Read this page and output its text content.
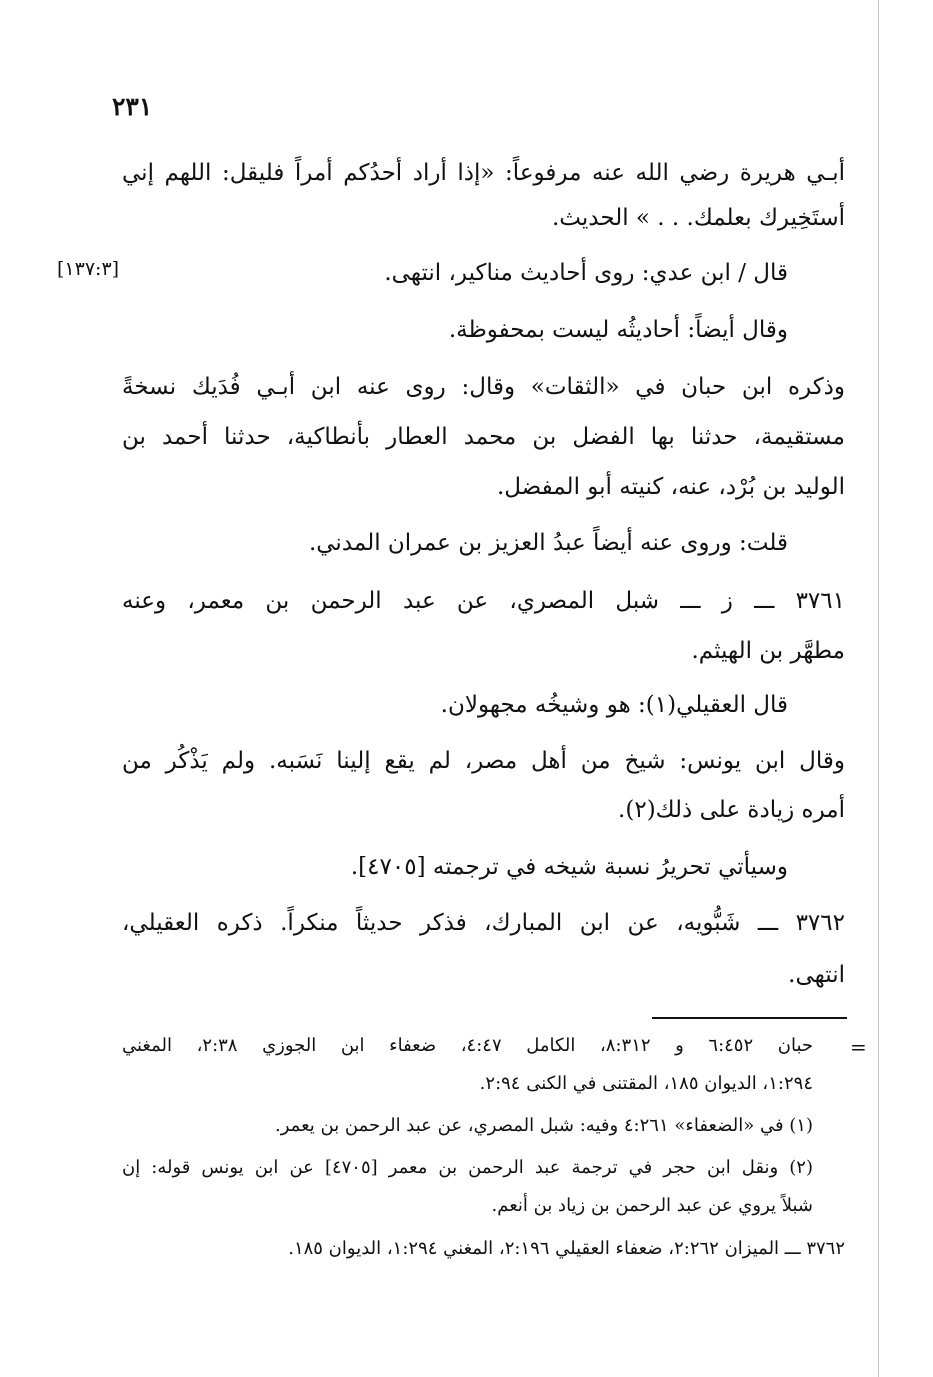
٢٣١
[١٣٧:٣]
أبـي هريرة رضي الله عنه مرفوعاً: «إذا أراد أحدُكم أمراً فليقل: اللهم إني
أستَخِيرك بعلمك. . . » الحديث.
قال / ابن عدي: روى أحاديث مناكير، انتهى.
وقال أيضاً: أحاديثُه ليست بمحفوظة.
وذكره ابن حبان في «الثقات» وقال: روى عنه ابن أبـي فُدَيك نسخةً
مستقيمة، حدثنا بها الفضل بن محمد العطار بأنطاكية، حدثنا أحمد بن
الوليد بن بُرْد، عنه، كنيته أبو المفضل.
قلت: وروى عنه أيضاً عبدُ العزيز بن عمران المدني.
٣٧٦١ ـــ ز ـــ شبل المصري، عن عبد الرحمن بن معمر، وعنه
مطهَّر بن الهيثم.
قال العقيلي(١): هو وشيخُه مجهولان.
وقال ابن يونس: شيخ من أهل مصر، لم يقع إلينا نَسَبه. ولم يَذْكُر من
أمره زيادة على ذلك(٢).
وسيأتي تحريرُ نسبة شيخه في ترجمته [٤٧٠٥].
٣٧٦٢ ـــ شَبُّويه، عن ابن المبارك، فذكر حديثاً منكراً. ذكره العقيلي،
انتهى.
=
حبان ٦:٤٥٢ و ٨:٣١٢، الكامل ٤:٤٧، ضعفاء ابن الجوزي ٢:٣٨، المغني
١:٢٩٤، الديوان ١٨٥، المقتنى في الكنى ٢:٩٤.
(١) في «الضعفاء» ٤:٢٦١ وفيه: شبل المصري، عن عبد الرحمن بن يعمر.
(٢) ونقل ابن حجر في ترجمة عبد الرحمن بن معمر [٤٧٠٥] عن ابن يونس قوله: إن
شبلاً يروي عن عبد الرحمن بن زياد بن أنعم.
٣٧٦٢ ـــ الميزان ٢:٢٦٢، ضعفاء العقيلي ٢:١٩٦، المغني ١:٢٩٤، الديوان ١٨٥.
